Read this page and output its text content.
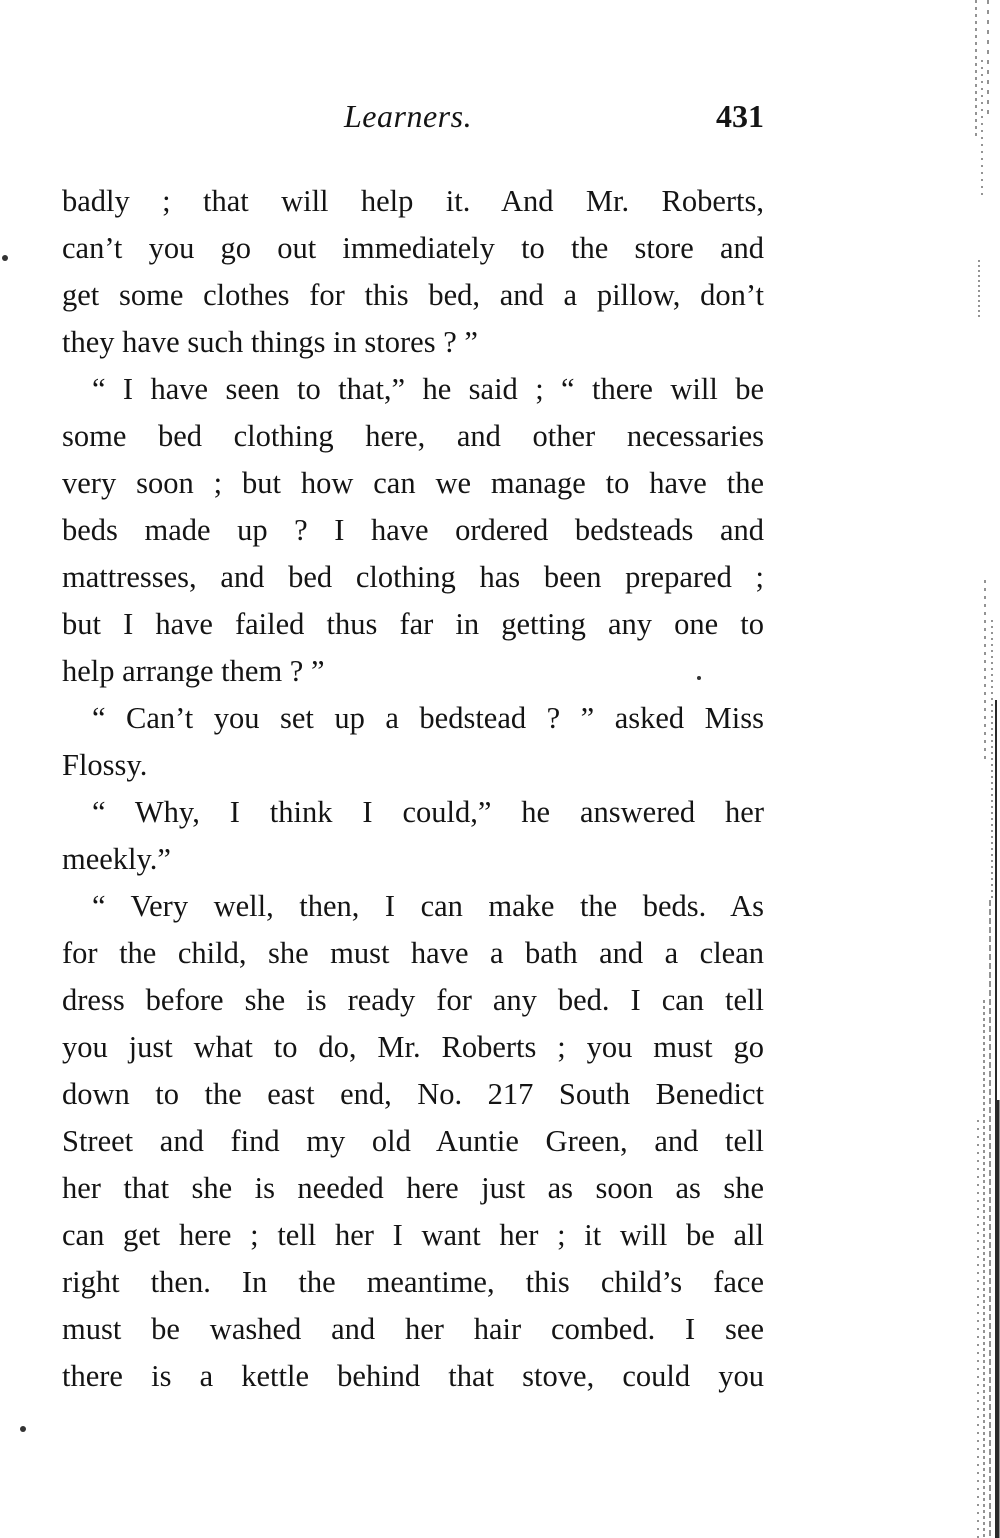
Learners.	431
badly ; that will help it. And Mr. Roberts,
can’t you go out immediately to the store and
get some clothes for this bed, and a pillow, don’t
they have such things in stores ? ”
“ I have seen to that,” he said ; “ there will be
some bed clothing here, and other necessaries
very soon ; but how can we manage to have the
beds made up ? I have ordered bedsteads and
mattresses, and bed clothing has been prepared ;
but I have failed thus far in getting any one to
help arrange them ? ”
“ Can’t you set up a bedstead ? ” asked Miss
Flossy.
“ Why, I think I could,” he answered her
meekly.”
“ Very well, then, I can make the beds. As
for the child, she must have a bath and a clean
dress before she is ready for any bed. I can tell
you just what to do, Mr. Roberts ; you must go
down to the east end, No. 217 South Benedict
Street and find my old Auntie Green, and tell
her that she is needed here just as soon as she
can get here ; tell her I want her ; it will be all
right then. In the meantime, this child’s face
must be washed and her hair combed. I see
there is a kettle behind that stove, could you
